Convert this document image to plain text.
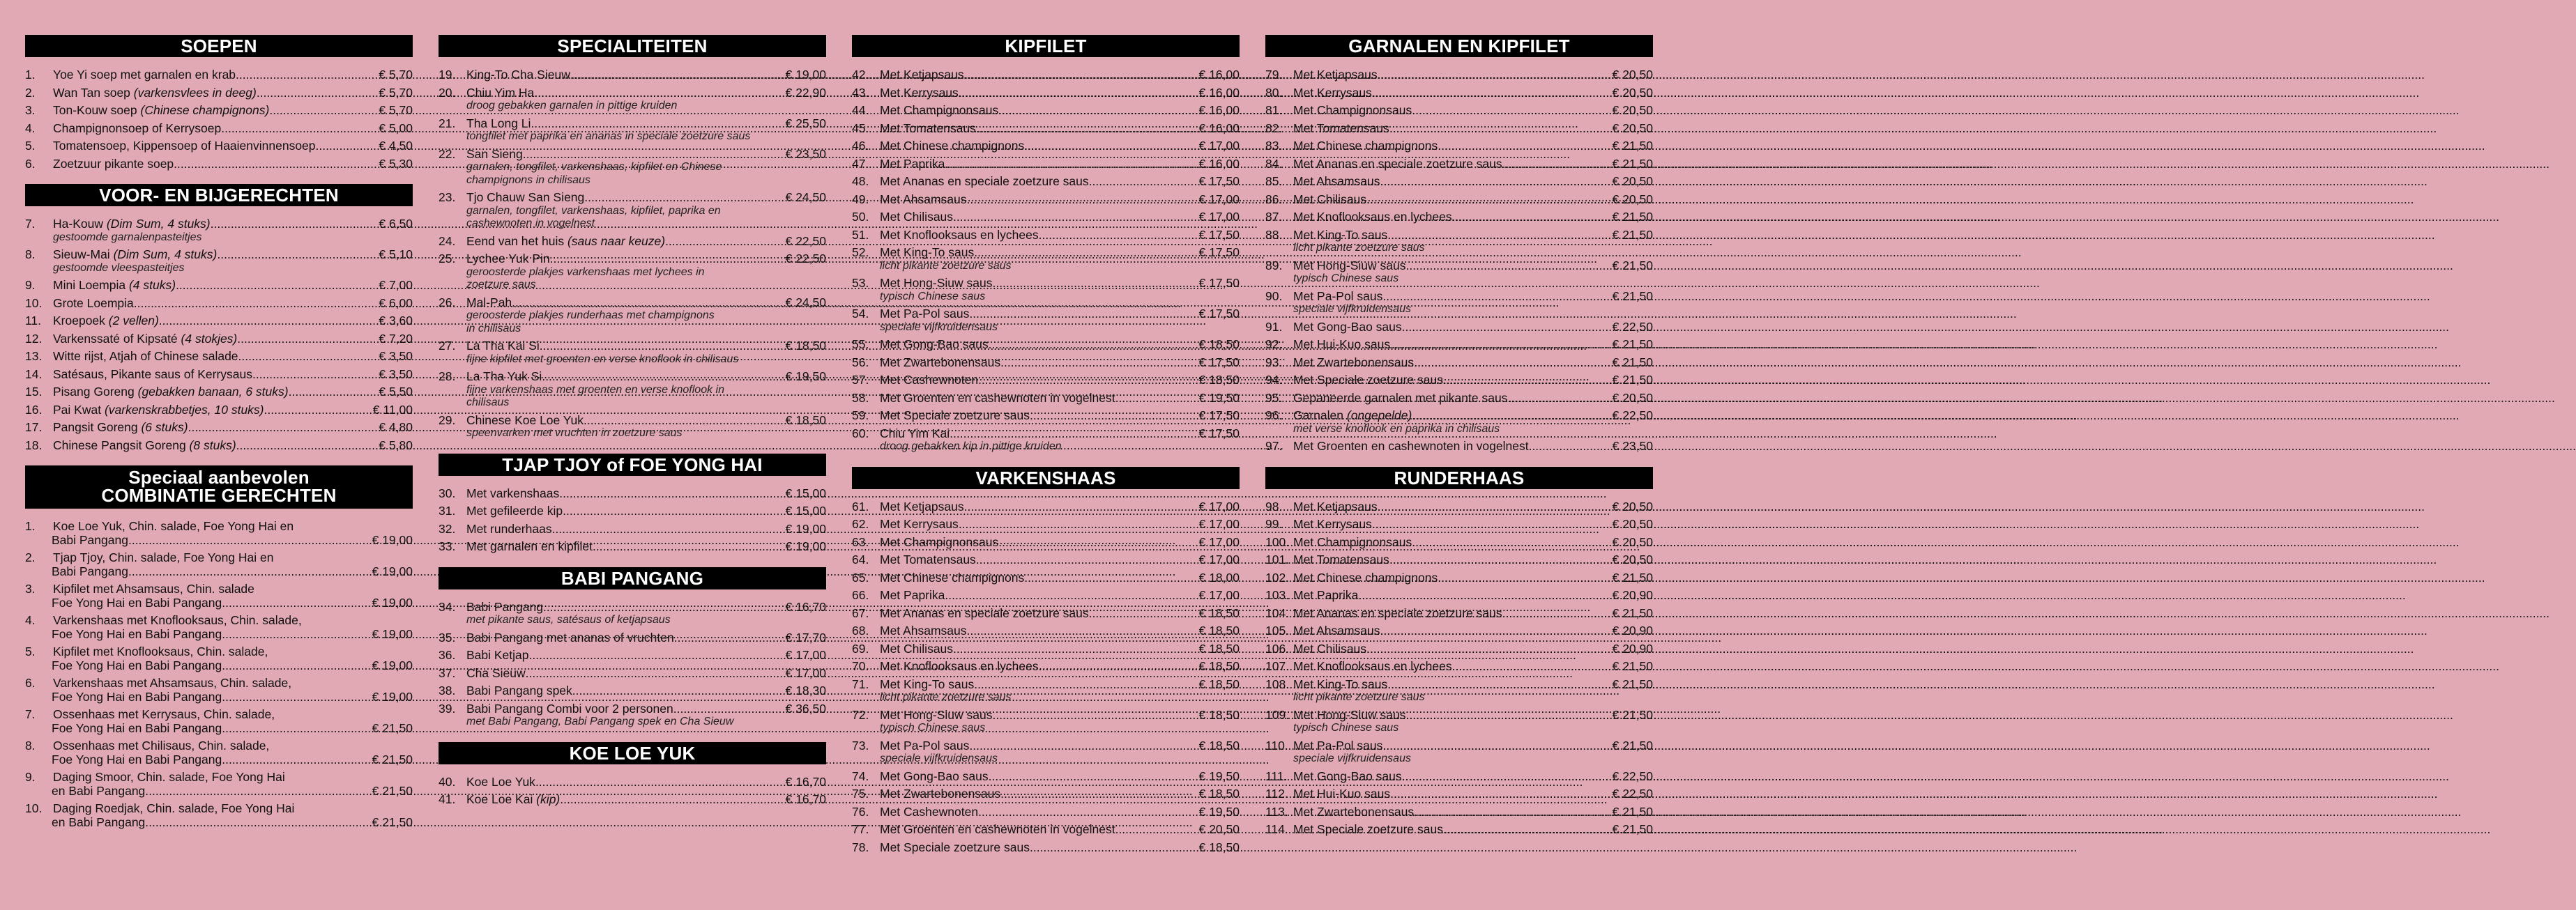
SOEPEN
1.	Yoe Yi soep met garnalen en krab .....	€ 5,70
2.	Wan Tan soep (varkensvlees in deeg) .....	€ 5,70
3.	Ton-Kouw soep (Chinese champignons) .....	€ 5,70
4.	Champignonsoep of Kerrysoep .....	€ 5,00
5.	Tomatensoep, Kippensoep of Haaienvinnensoep .....	€ 4,50
6.	Zoetzuur pikante soep .....	€ 5,30
VOOR- EN BIJGERECHTEN
7.	Ha-Kouw (Dim Sum, 4 stuks) .....	€ 6,50
gestoomde garnalenpasteitjes
8.	Sieuw-Mai (Dim Sum, 4 stuks) .....	€ 5,10
gestoomde vleespasteitjes
9.	Mini Loempia (4 stuks) .....	€ 7,00
10. Grote Loempia .....	€ 6,00
11. Kroepoek (2 vellen) .....	€ 3,60
12. Varkenssaté of Kipsaté (4 stokjes) .....	€ 7,20
13. Witte rijst, Atjah of Chinese salade .....	€ 3,50
14. Satésaus, Pikante saus of Kerrysaus .....	€ 3,50
15. Pisang Goreng (gebakken banaan, 6 stuks) .....	€ 5,50
16. Pai Kwat (varkenskrabbetjes, 10 stuks) .....	€ 11,00
17. Pangsit Goreng (6 stuks) .....	€ 4,80
18. Chinese Pangsit Goreng (8 stuks) .....	€ 5,80
Speciaal aanbevolen
COMBINATIE GERECHTEN
1.	Koe Loe Yuk, Chin. salade, Foe Yong Hai en
Babi Pangang .....	€ 19,00
2.	Tjap Tjoy, Chin. salade, Foe Yong Hai en
Babi Pangang .....	€ 19,00
3.	Kipfilet met Ahsamsaus, Chin. salade
Foe Yong Hai en Babi Pangang .....	€ 19,00
4.	Varkenshaas met Knoflooksaus, Chin. salade,
Foe Yong Hai en Babi Pangang .....	€ 19,00
5.	Kipfilet met Knoflooksaus, Chin. salade,
Foe Yong Hai en Babi Pangang .....	€ 19,00
6.	Varkenshaas met Ahsamsaus, Chin. salade,
Foe Yong Hai en Babi Pangang .....	€ 19,00
7.	Ossenhaas met Kerrysaus, Chin. salade,
Foe Yong Hai en Babi Pangang .....	€ 21,50
8.	Ossenhaas met Chilisaus, Chin. salade,
Foe Yong Hai en Babi Pangang .....	€ 21,50
9.	Daging Smoor, Chin. salade, Foe Yong Hai
en Babi Pangang .....	€ 21,50
10. Daging Roedjak, Chin. salade, Foe Yong Hai
en Babi Pangang .....	€ 21,50
SPECIALITEITEN
19. King-To Cha Sieuw .....	€ 19,00
20. Chiu Yim Ha .....	€ 22,90
droog gebakken garnalen in pittige kruiden
21. Tha Long Li .....	€ 25,50
tongfilet met paprika en ananas in speciale zoetzure saus
22. San Sieng .....	€ 23,50
garnalen, tongfilet, varkenshaas, kipfilet en Chinese
champignons in chilisaus
23. Tjo Chauw San Sieng .....	€ 24,50
garnalen, tongfilet, varkenshaas, kipfilet, paprika en
cashewnoten in vogelnest
24. Eend van het huis (saus naar keuze) .....	€ 22,50
25. Lychee Yuk Pin .....	€ 22,50
geroosterde plakjes varkenshaas met lychees in
zoetzure saus
26. Mal-Pah .....	€ 24,50
geroosterde plakjes runderhaas met champignons
in chilisaus
27. La Tha Kai Si .....	€ 18,50
fijne kipfilet met groenten en verse knoflook in chilisaus
28. La Tha Yuk Si .....	€ 19,50
fijne varkenshaas met groenten en verse knoflook in
chilisaus
29. Chinese Koe Loe Yuk .....	€ 18,50
speenvarken met vruchten in zoetzure saus
TJAP TJOY of FOE YONG HAI
30. Met varkenshaas .....	€ 15,00
31. Met gefileerde kip .....	€ 15,00
32. Met runderhaas .....	€ 19,00
33. Met garnalen en kipfilet .....	€ 19,00
BABI PANGANG
34. Babi Pangang .....	€ 16,70
met pikante saus, satésaus of ketjapsaus
35. Babi Pangang met ananas of vruchten .....	€ 17,70
36. Babi Ketjap .....	€ 17,00
37. Cha Sieuw .....	€ 17,00
38. Babi Pangang spek .....	€ 18,30
39. Babi Pangang Combi voor 2 personen .....	€ 36,50
met Babi Pangang, Babi Pangang spek en Cha Sieuw
KOE LOE YUK
40. Koe Loe Yuk .....	€ 16,70
41. Koe Loe Kai (kip) .....	€ 16,70
KIPFILET
42. Met Ketjapsaus .....	€ 16,00
43. Met Kerrysaus .....	€ 16,00
44. Met Champignonsaus .....	€ 16,00
45. Met Tomatensaus .....	€ 16,00
46. Met Chinese champignons .....	€ 17,00
47. Met Paprika .....	€ 16,00
48. Met Ananas en speciale zoetzure saus .....	€ 17,50
49. Met Ahsamsaus .....	€ 17,00
50. Met Chilisaus .....	€ 17,00
51. Met Knoflooksaus en lychees .....	€ 17,50
52. Met King-To saus .....	€ 17,50
licht pikante zoetzure saus
53. Met Hong-Siuw saus .....	€ 17,50
typisch Chinese saus
54. Met Pa-Pol saus .....	€ 17,50
speciale vijfkruidensaus
55. Met Gong-Bao saus .....	€ 18,50
56. Met Zwartebonensaus .....	€ 17,50
57. Met Cashewnoten .....	€ 18,50
58. Met Groenten en cashewnoten in vogelnest .....	€ 19,50
59. Met Speciale zoetzure saus .....	€ 17,50
60. Chiu Yim Kai .....	€ 17,50
droog gebakken kip in pittige kruiden
VARKENSHAAS
61. Met Ketjapsaus .....	€ 17,00
62. Met Kerrysaus .....	€ 17,00
63. Met Champignonsaus .....	€ 17,00
64. Met Tomatensaus .....	€ 17,00
65. Met Chinese champignons .....	€ 18,00
66. Met Paprika .....	€ 17,00
67. Met Ananas en speciale zoetzure saus .....	€ 18,50
68. Met Ahsamsaus .....	€ 18,50
69. Met Chilisaus .....	€ 18,50
70. Met Knoflooksaus en lychees .....	€ 18,50
71. Met King-To saus .....	€ 18,50
licht pikante zoetzure saus
72. Met Hong-Siuw saus .....	€ 18,50
typisch Chinese saus
73. Met Pa-Pol saus .....	€ 18,50
speciale vijfkruidensaus
74. Met Gong-Bao saus .....	€ 19,50
75. Met Zwartebonensaus .....	€ 18,50
76. Met Cashewnoten .....	€ 19,50
77. Met Groenten en cashewnoten in vogelnest .....	€ 20,50
78. Met Speciale zoetzure saus .....	€ 18,50
GARNALEN EN KIPFILET
79. Met Ketjapsaus .....	€ 20,50
80. Met Kerrysaus .....	€ 20,50
81. Met Champignonsaus .....	€ 20,50
82. Met Tomatensaus .....	€ 20,50
83. Met Chinese champignons .....	€ 21,50
84. Met Ananas en speciale zoetzure saus .....	€ 21,50
85. Met Ahsamsaus .....	€ 20,50
86. Met Chilisaus .....	€ 20,50
87. Met Knoflooksaus en lychees .....	€ 21,50
88. Met King-To saus .....	€ 21,50
licht pikante zoetzure saus
89. Met Hong-Siuw saus .....	€ 21,50
typisch Chinese saus
90. Met Pa-Pol saus .....	€ 21,50
speciale vijfkruidensaus
91. Met Gong-Bao saus .....	€ 22,50
92. Met Hui-Kuo saus .....	€ 21,50
93. Met Zwartebonensaus .....	€ 21,50
94. Met Speciale zoetzure saus .....	€ 21,50
95. Gepaneerde garnalen met pikante saus .....	€ 20,50
96. Garnalen (ongepelde) .....	€ 22,50
met verse knoflook en paprika in chilisaus
97. Met Groenten en cashewnoten in vogelnest .....	€ 23,50
RUNDERHAAS
98. Met Ketjapsaus .....	€ 20,50
99. Met Kerrysaus .....	€ 20,50
100. Met Champignonsaus .....	€ 20,50
101. Met Tomatensaus .....	€ 20,50
102. Met Chinese champignons .....	€ 21,50
103. Met Paprika .....	€ 20,90
104. Met Ananas en speciale zoetzure saus .....	€ 21,50
105. Met Ahsamsaus .....	€ 20,90
106. Met Chilisaus .....	€ 20,90
107. Met Knoflooksaus en lychees .....	€ 21,50
108. Met King-To saus .....	€ 21,50
licht pikante zoetzure saus
109. Met Hong-Siuw saus .....	€ 21,50
typisch Chinese saus
110. Met Pa-Pol saus .....	€ 21,50
speciale vijfkruidensaus
111. Met Gong-Bao saus .....	€ 22,50
112. Met Hui-Kuo saus .....	€ 22,50
113. Met Zwartebonensaus .....	€ 21,50
114. Met Speciale zoetzure saus .....	€ 21,50
